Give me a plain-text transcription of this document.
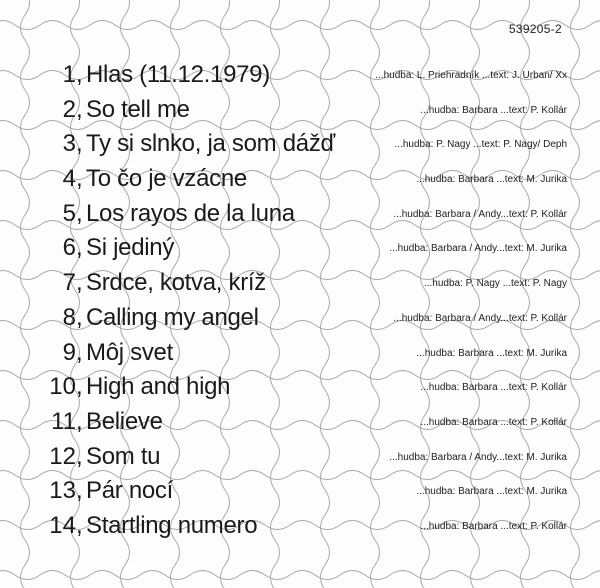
539205-2
1 , Hlas (11.12.1979)	...hudba: L. Priehradník ...text: J. Urban/ Xx
2 , So tell me	...hudba: Barbara ...text: P. Kollár
3 , Ty si slnko, ja som dážď	...hudba: P. Nagy ...text: P. Nagy/ Deph
4 , To čo je vzácne	...hudba: Barbara ...text: M. Jurika
5 , Los rayos de la luna	...hudba: Barbara / Andy...text: P. Kollár
6 , Si jediný	...hudba: Barbara / Andy...text: M. Jurika
7 , Srdce, kotva, kríž	...hudba: P. Nagy ...text: P. Nagy
8 , Calling my angel	...hudba: Barbara / Andy...text: P. Kollár
9 , Môj svet	...hudba: Barbara ...text: M. Jurika
10 , High and high	...hudba: Barbara ...text: P. Kollár
11 , Believe	...hudba: Barbara ...text: P. Kollár
12 , Som tu	...hudba: Barbara / Andy...text: M. Jurika
13 , Pár nocí	...hudba: Barbara ...text: M. Jurika
14 , Startling numero	...hudba: Barbara ...text: P. Kollár
